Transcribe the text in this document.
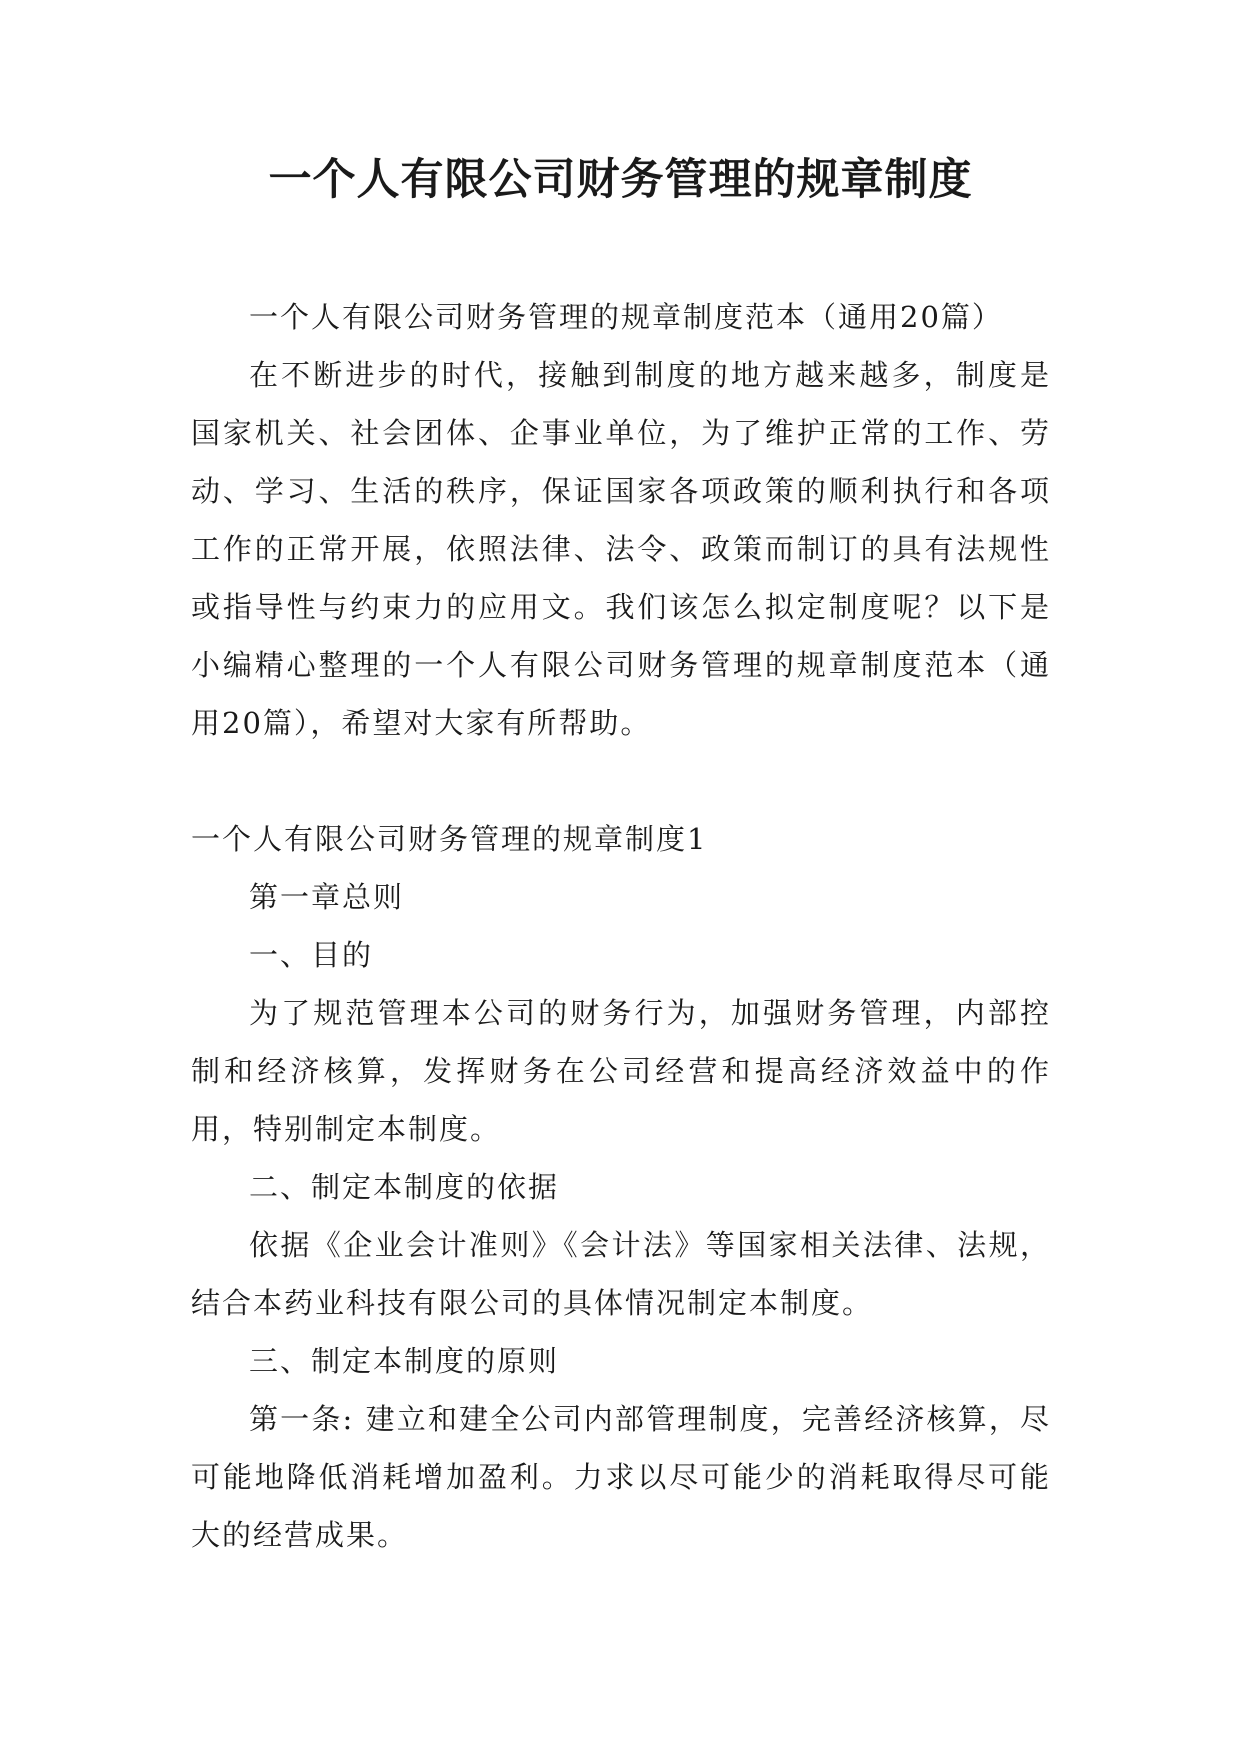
一个人有限公司财务管理的规章制度

一个人有限公司财务管理的规章制度范本（通用20篇）

在不断进步的时代，接触到制度的地方越来越多，制度是国家机关、社会团体、企事业单位，为了维护正常的工作、劳动、学习、生活的秩序，保证国家各项政策的顺利执行和各项工作的正常开展，依照法律、法令、政策而制订的具有法规性或指导性与约束力的应用文。我们该怎么拟定制度呢？以下是小编精心整理的一个人有限公司财务管理的规章制度范本（通用20篇），希望对大家有所帮助。

一个人有限公司财务管理的规章制度1

第一章总则

一、目的

为了规范管理本公司的财务行为，加强财务管理，内部控制和经济核算，发挥财务在公司经营和提高经济效益中的作用，特别制定本制度。

二、制定本制度的依据

依据《企业会计准则》《会计法》等国家相关法律、法规，结合本药业科技有限公司的具体情况制定本制度。

三、制定本制度的原则

第一条: 建立和建全公司内部管理制度，完善经济核算，尽可能地降低消耗增加盈利。力求以尽可能少的消耗取得尽可能大的经营成果。
